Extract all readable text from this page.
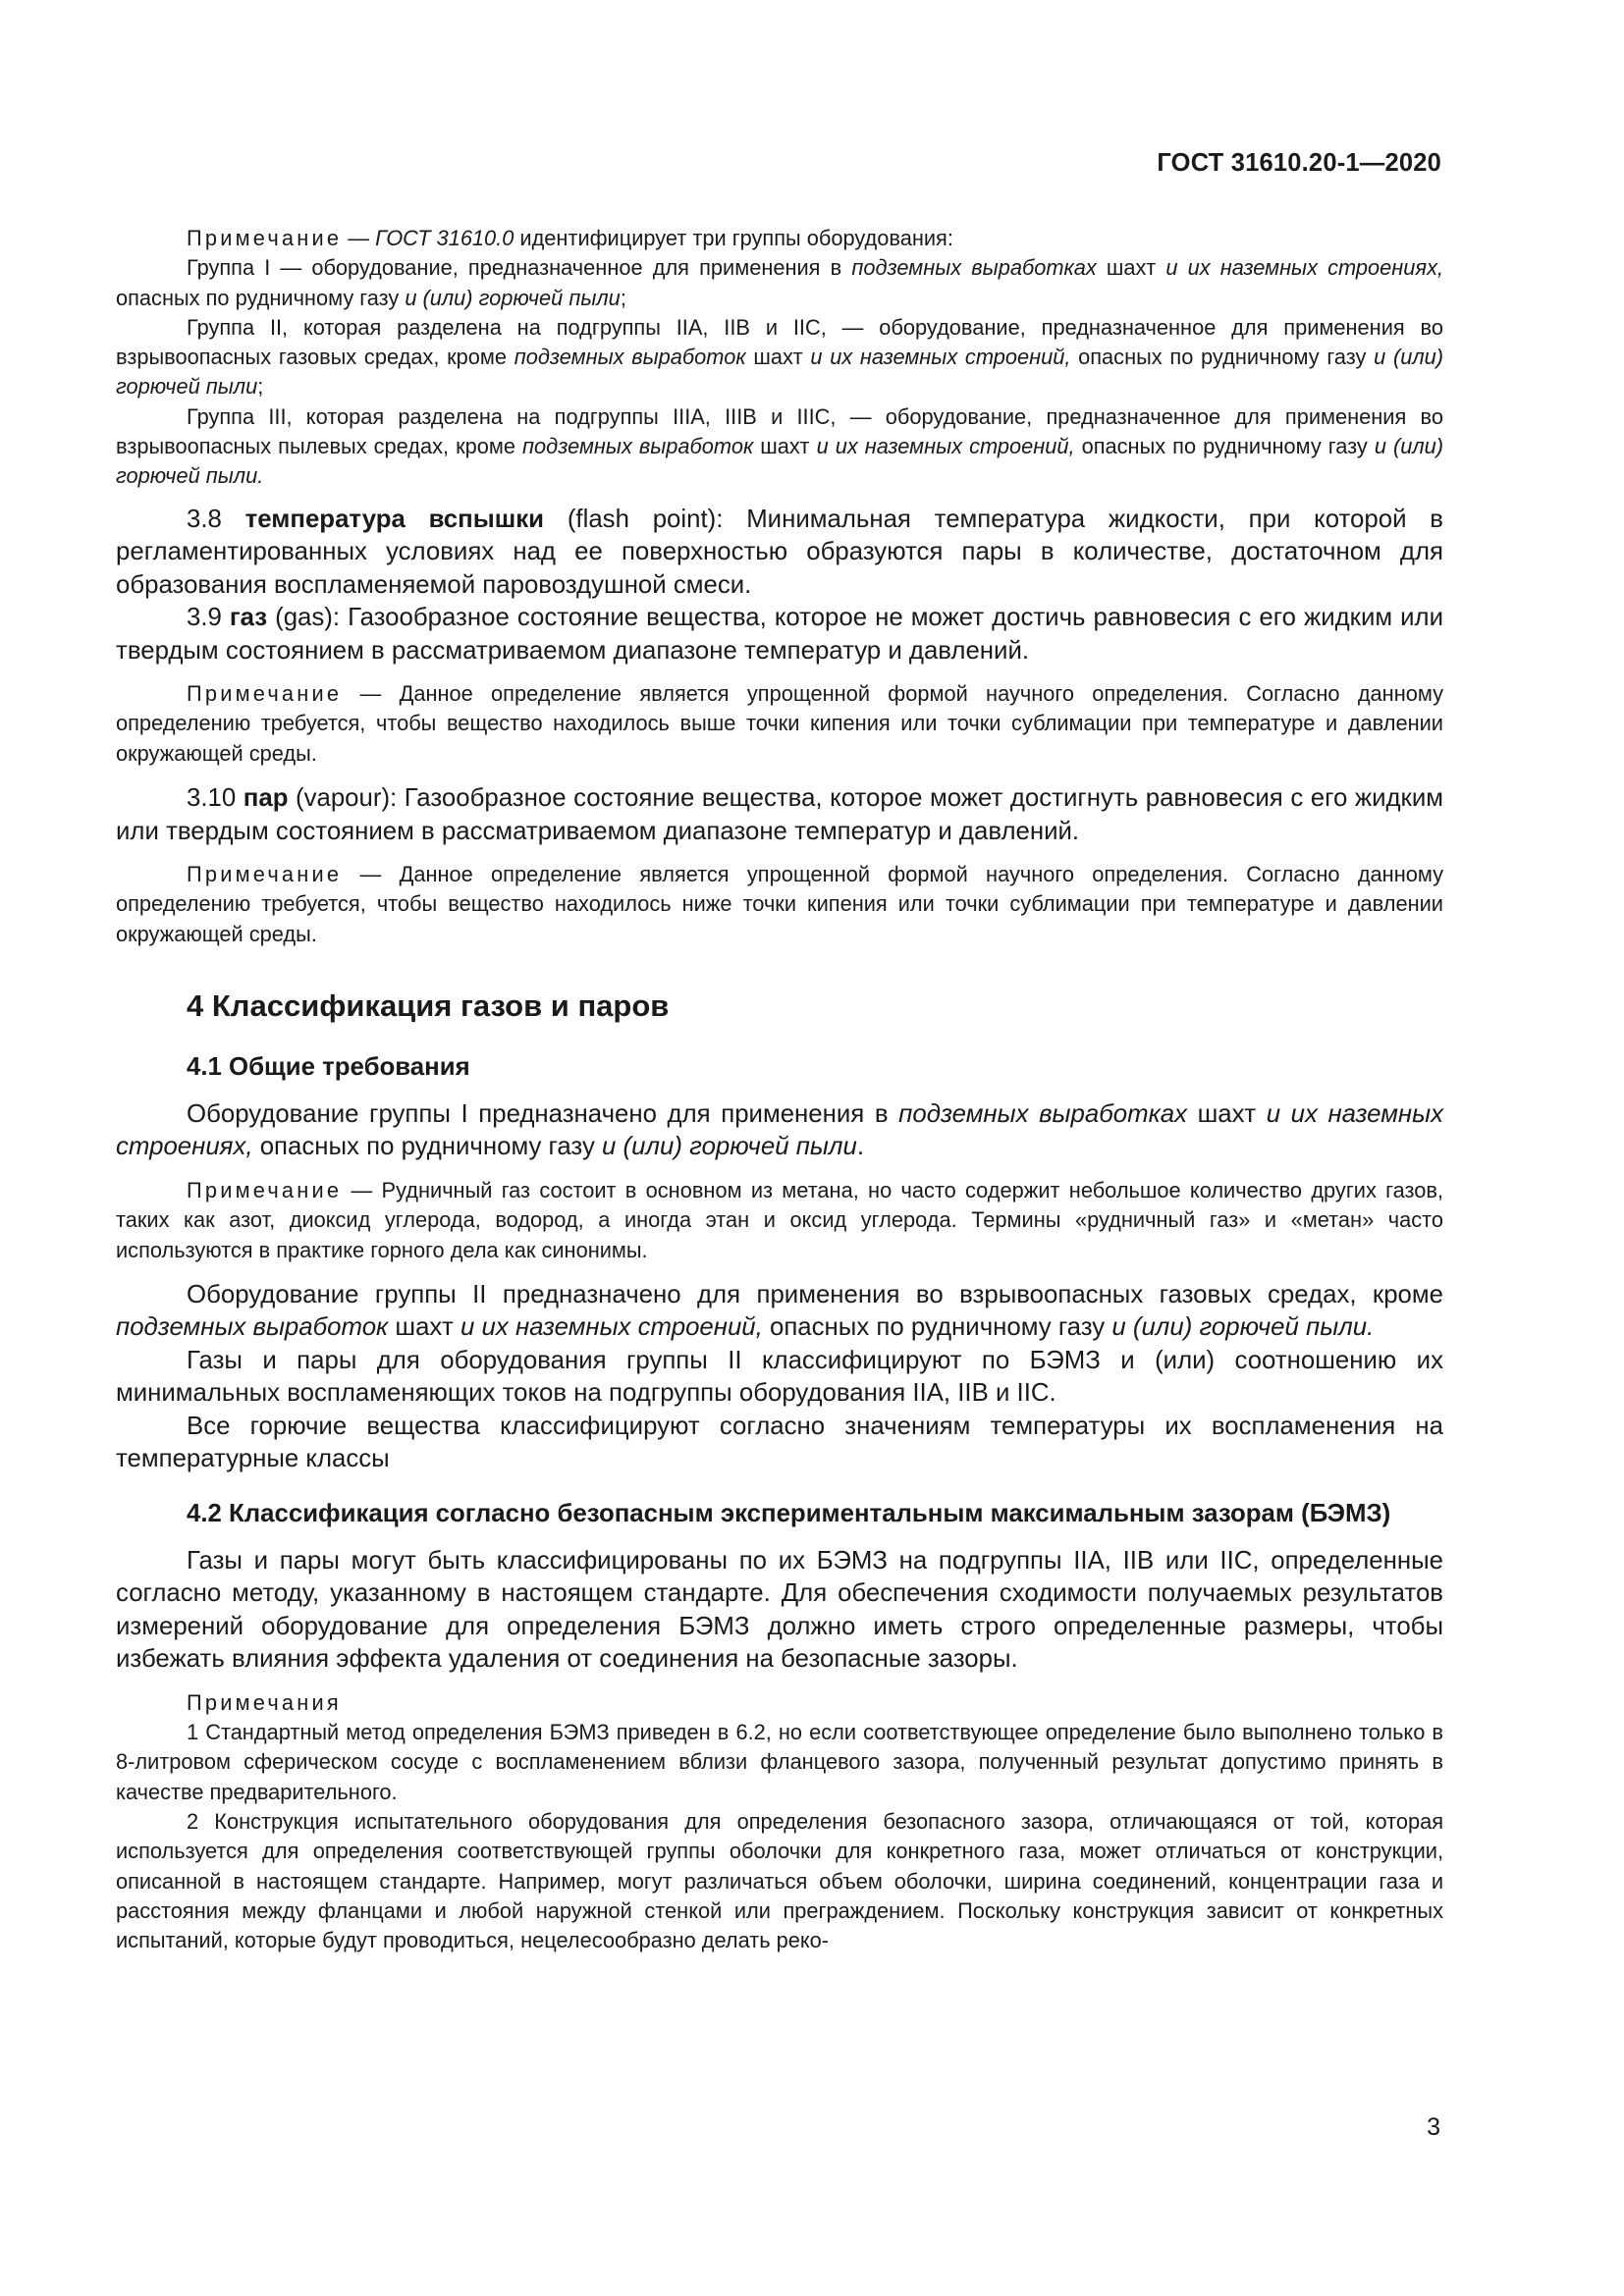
ГОСТ 31610.20-1—2020

Примечание — ГОСТ 31610.0 идентифицирует три группы оборудования:

Группа I — оборудование, предназначенное для применения в подземных выработках шахт и их наземных строениях, опасных по рудничному газу и (или) горючей пыли;

Группа II, которая разделена на подгруппы IIA, IIB и IIC, — оборудование, предназначенное для применения во взрывоопасных газовых средах, кроме подземных выработок шахт и их наземных строений, опасных по рудничному газу и (или) горючей пыли;

Группа III, которая разделена на подгруппы IIIA, IIIB и IIIC, — оборудование, предназначенное для применения во взрывоопасных пылевых средах, кроме подземных выработок шахт и их наземных строений, опасных по рудничному газу и (или) горючей пыли.

3.8 температура вспышки (flash point): Минимальная температура жидкости, при которой в регламентированных условиях над ее поверхностью образуются пары в количестве, достаточном для образования воспламеняемой паровоздушной смеси.

3.9 газ (gas): Газообразное состояние вещества, которое не может достичь равновесия с его жидким или твердым состоянием в рассматриваемом диапазоне температур и давлений.

Примечание — Данное определение является упрощенной формой научного определения. Согласно данному определению требуется, чтобы вещество находилось выше точки кипения или точки сублимации при температуре и давлении окружающей среды.

3.10 пар (vapour): Газообразное состояние вещества, которое может достигнуть равновесия с его жидким или твердым состоянием в рассматриваемом диапазоне температур и давлений.

Примечание — Данное определение является упрощенной формой научного определения. Согласно данному определению требуется, чтобы вещество находилось ниже точки кипения или точки сублимации при температуре и давлении окружающей среды.

4 Классификация газов и паров
4.1 Общие требования

Оборудование группы I предназначено для применения в подземных выработках шахт и их наземных строениях, опасных по рудничному газу и (или) горючей пыли.

Примечание — Рудничный газ состоит в основном из метана, но часто содержит небольшое количество других газов, таких как азот, диоксид углерода, водород, а иногда этан и оксид углерода. Термины «рудничный газ» и «метан» часто используются в практике горного дела как синонимы.

Оборудование группы II предназначено для применения во взрывоопасных газовых средах, кроме подземных выработок шахт и их наземных строений, опасных по рудничному газу и (или) горючей пыли.

Газы и пары для оборудования группы II классифицируют по БЭМЗ и (или) соотношению их минимальных воспламеняющих токов на подгруппы оборудования IIA, IIB и IIC.

Все горючие вещества классифицируют согласно значениям температуры их воспламенения на температурные классы

4.2 Классификация согласно безопасным экспериментальным максимальным зазорам (БЭМЗ)

Газы и пары могут быть классифицированы по их БЭМЗ на подгруппы IIA, IIB или IIC, определенные согласно методу, указанному в настоящем стандарте. Для обеспечения сходимости получаемых результатов измерений оборудование для определения БЭМЗ должно иметь строго определенные размеры, чтобы избежать влияния эффекта удаления от соединения на безопасные зазоры.

Примечания

1 Стандартный метод определения БЭМЗ приведен в 6.2, но если соответствующее определение было выполнено только в 8-литровом сферическом сосуде с воспламенением вблизи фланцевого зазора, полученный результат допустимо принять в качестве предварительного.

2 Конструкция испытательного оборудования для определения безопасного зазора, отличающаяся от той, которая используется для определения соответствующей группы оболочки для конкретного газа, может отличаться от конструкции, описанной в настоящем стандарте. Например, могут различаться объем оболочки, ширина соединений, концентрации газа и расстояния между фланцами и любой наружной стенкой или преграждением. Поскольку конструкция зависит от конкретных испытаний, которые будут проводиться, нецелесообразно делать реко-

3
